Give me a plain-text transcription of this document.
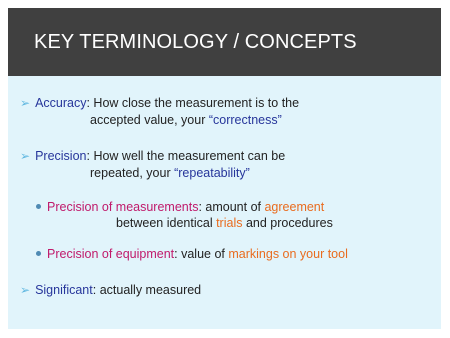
KEY TERMINOLOGY / CONCEPTS
➢ Accuracy: How close the measurement is to the
accepted value, your “correctness”
➢ Precision: How well the measurement can be
repeated, your “repeatability”
Precision of measurements: amount of agreement
between identical trials and procedures
Precision of equipment: value of markings on your tool
➢ Significant: actually measured
